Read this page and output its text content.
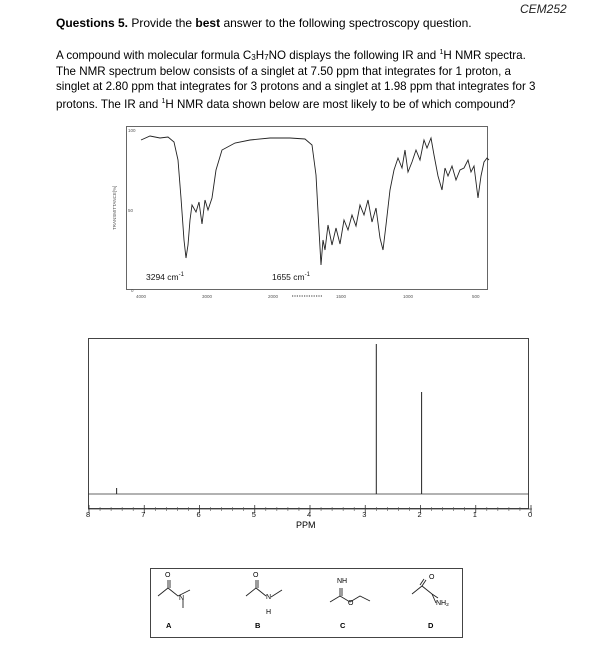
CEM252
Questions 5. Provide the best answer to the following spectroscopy question.
A compound with molecular formula C3H7NO displays the following IR and $^1$H NMR spectra.
The NMR spectrum below consists of a singlet at 7.50 ppm that integrates for 1 proton, a
singlet at 2.80 ppm that integrates for 3 protons and a singlet at 1.98 ppm that integrates for 3
protons. The IR and $^1$H NMR data shown below are most likely to be of which compound?
100
50
0
TRANSMITTANCE[%]
4000	3000	2000	1500	1000	500
3294 $cm^{-1}$	1655 $cm^{-1}$
8	7	6	5	4	3	2	1	0
PPM
O
N
O
N
H
NH
O
O
$NH_2$
A	B	C	D
